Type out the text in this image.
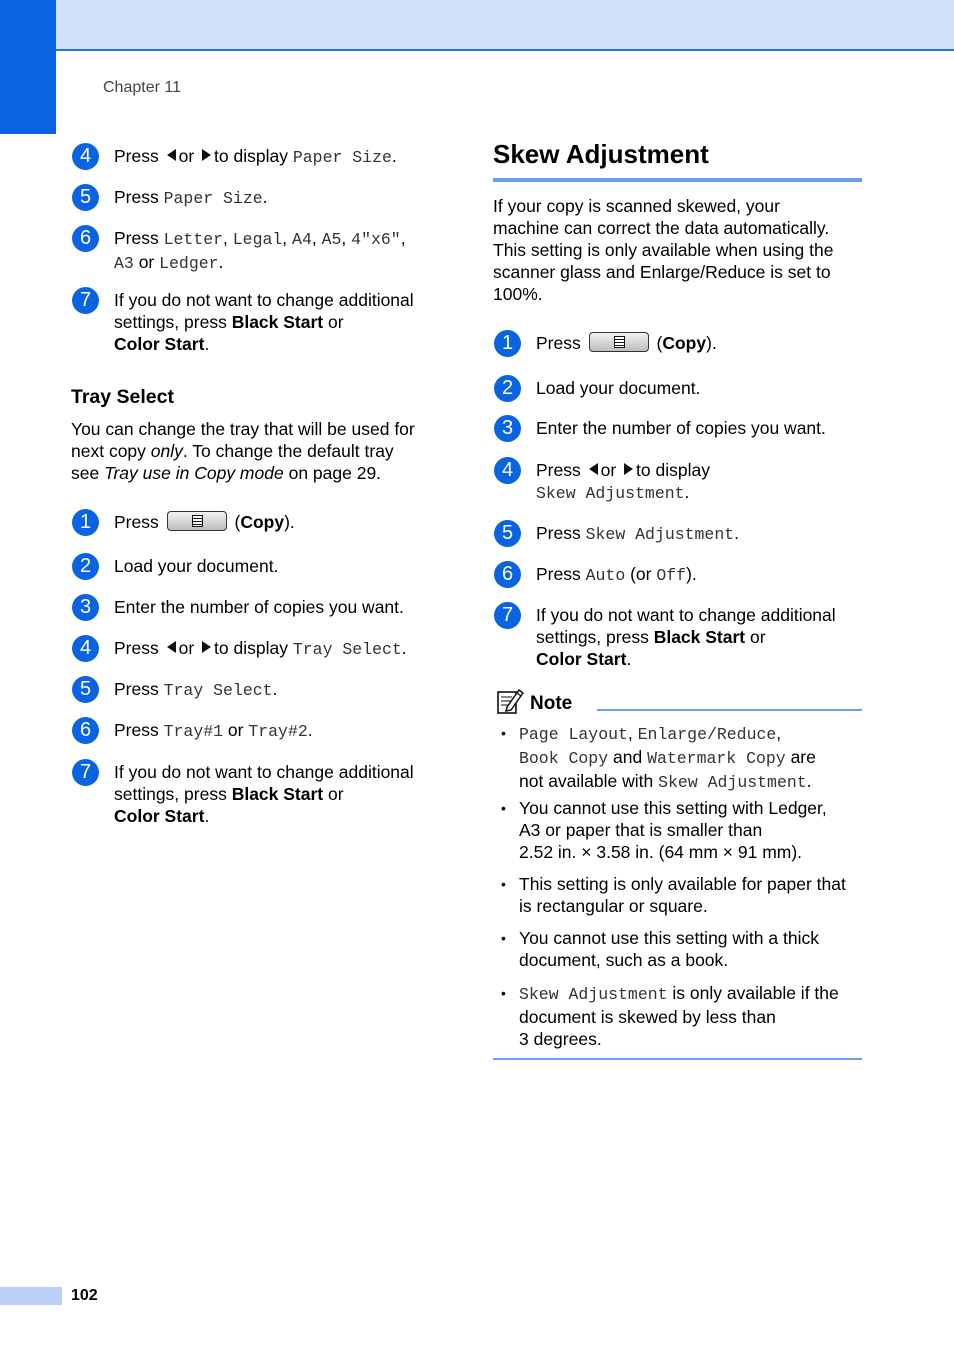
Chapter 11
102
4	Press or to display Paper Size.
5	Press Paper Size.
6	Press Letter, Legal, A4, A5, 4"x6",
A3 or Ledger.
7	If you do not want to change additional
settings, press Black Start or
Color Start.
Tray Select
You can change the tray that will be used for
next copy only. To change the default tray
see Tray use in Copy mode on page 29.
1	Press	(Copy).
2	Load your document.
3	Enter the number of copies you want.
4	Press or to display Tray Select.
5	Press Tray Select.
6	Press Tray#1 or Tray#2.
7	If you do not want to change additional
settings, press Black Start or
Color Start.
Skew Adjustment
If your copy is scanned skewed, your
machine can correct the data automatically.
This setting is only available when using the
scanner glass and Enlarge/Reduce is set to
100%.
1	Press	(Copy).
2	Load your document.
3	Enter the number of copies you want.
4	Press or to display
Skew Adjustment.
5	Press Skew Adjustment.
6	Press Auto (or Off).
7	If you do not want to change additional
settings, press Black Start or
Color Start.
Note
• Page Layout, Enlarge/Reduce,
Book Copy and Watermark Copy are
not available with Skew Adjustment.
• You cannot use this setting with Ledger,
A3 or paper that is smaller than
2.52 in. × 3.58 in. (64 mm × 91 mm).
• This setting is only available for paper that
is rectangular or square.
• You cannot use this setting with a thick
document, such as a book.
• Skew Adjustment is only available if the
document is skewed by less than
3 degrees.
